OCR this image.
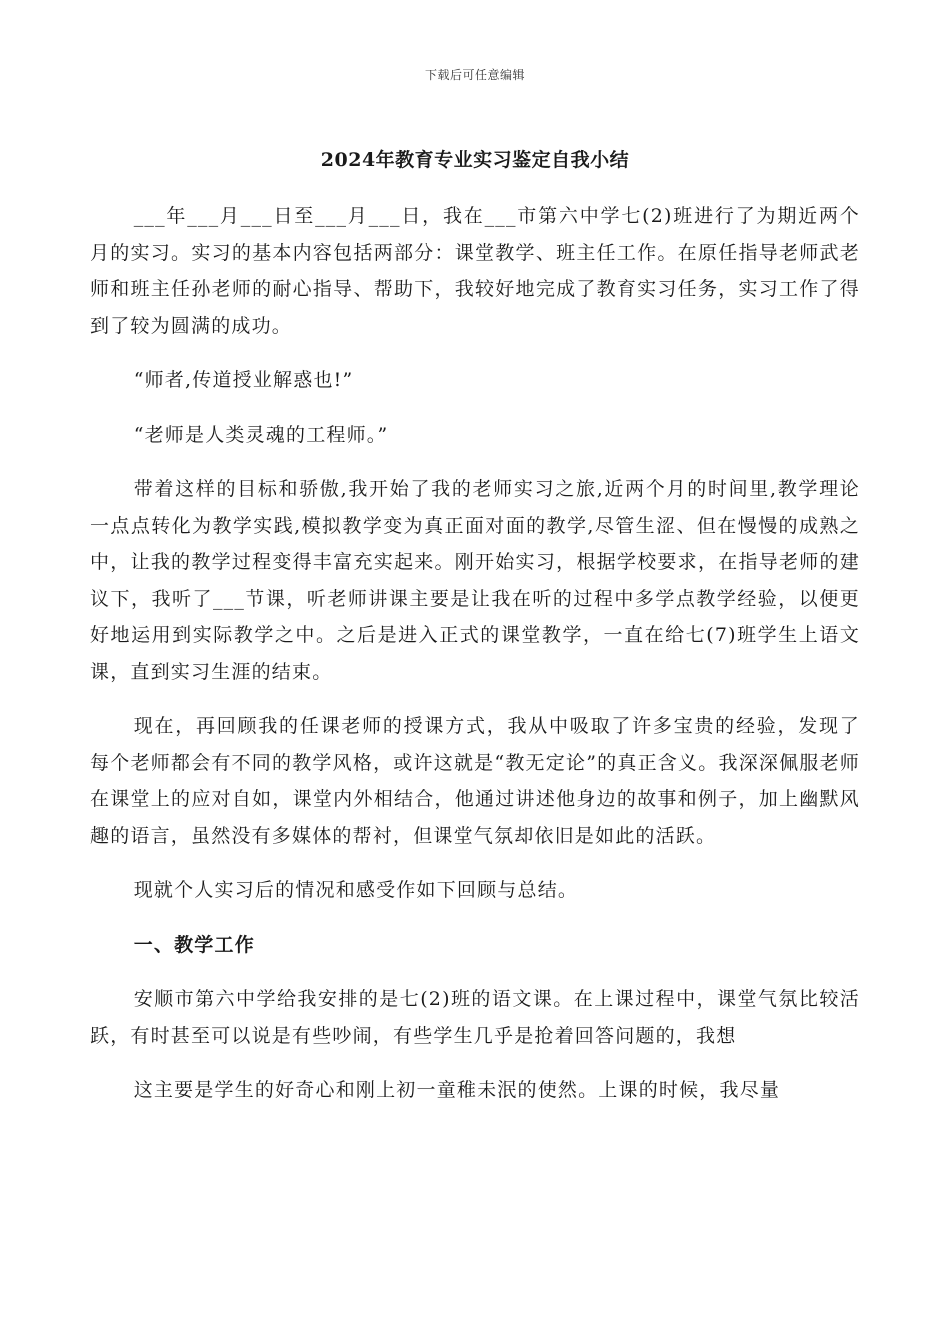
下载后可任意编辑
2024年教育专业实习鉴定自我小结

___年___月___日至___月___日，我在___市第六中学七(2)班进行了为期近两个月的实习。实习的基本内容包括两部分：课堂教学、班主任工作。在原任指导老师武老师和班主任孙老师的耐心指导、帮助下，我较好地完成了教育实习任务，实习工作了得到了较为圆满的成功。

“师者,传道授业解惑也!”

“老师是人类灵魂的工程师。”

带着这样的目标和骄傲,我开始了我的老师实习之旅,近两个月的时间里,教学理论一点点转化为教学实践,模拟教学变为真正面对面的教学,尽管生涩、但在慢慢的成熟之中，让我的教学过程变得丰富充实起来。刚开始实习，根据学校要求，在指导老师的建议下，我听了___节课，听老师讲课主要是让我在听的过程中多学点教学经验，以便更好地运用到实际教学之中。之后是进入正式的课堂教学，一直在给七(7)班学生上语文课，直到实习生涯的结束。

现在，再回顾我的任课老师的授课方式，我从中吸取了许多宝贵的经验，发现了每个老师都会有不同的教学风格，或许这就是“教无定论”的真正含义。我深深佩服老师在课堂上的应对自如，课堂内外相结合，他通过讲述他身边的故事和例子，加上幽默风趣的语言，虽然没有多媒体的帮衬，但课堂气氛却依旧是如此的活跃。

现就个人实习后的情况和感受作如下回顾与总结。

一、教学工作

安顺市第六中学给我安排的是七(2)班的语文课。在上课过程中，课堂气氛比较活跃，有时甚至可以说是有些吵闹，有些学生几乎是抢着回答问题的，我想

这主要是学生的好奇心和刚上初一童稚未泯的使然。上课的时候，我尽量
